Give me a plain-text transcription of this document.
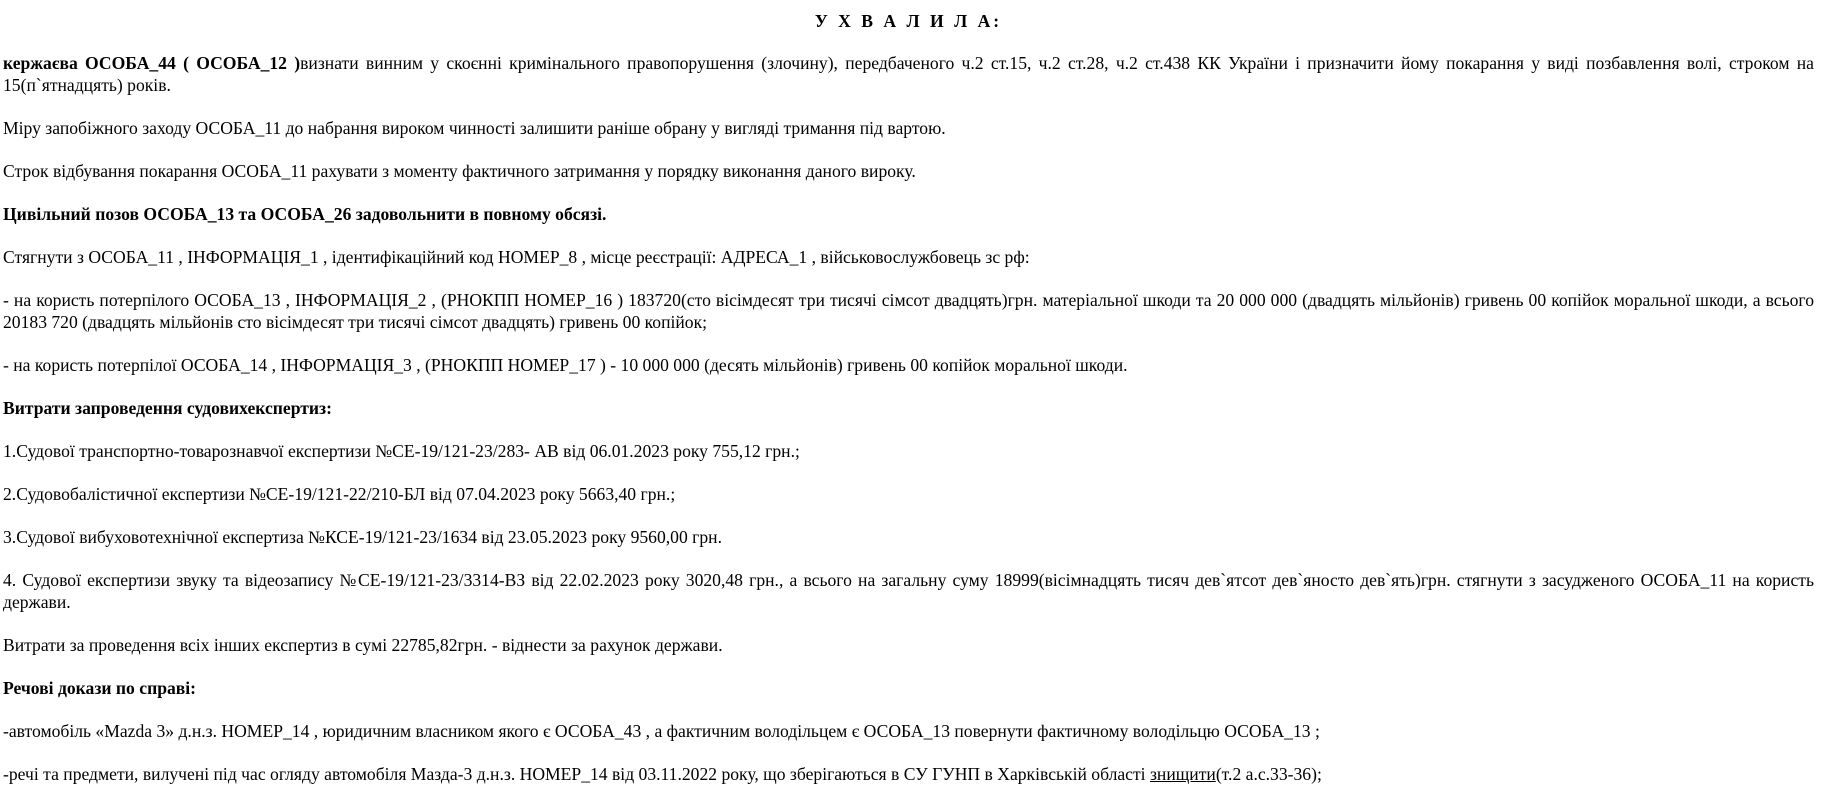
У Х В А Л И Л А:
кержаєва ОСОБА_44 ( ОСОБА_12 )визнати винним у скоєнні кримінального правопорушення (злочину), передбаченого ч.2 ст.15, ч.2 ст.28, ч.2 ст.438 КК України і призначити йому покарання у виді позбавлення волі, строком на 15(п`ятнадцять) років.
Міру запобіжного заходу ОСОБА_11 до набрання вироком чинності залишити раніше обрану у вигляді тримання під вартою.
Строк відбування покарання ОСОБА_11 рахувати з моменту фактичного затримання у порядку виконання даного вироку.
Цивільний позов ОСОБА_13 та ОСОБА_26 задовольнити в повному обсязі.
Стягнути з ОСОБА_11 , ІНФОРМАЦІЯ_1 , ідентифікаційний код НОМЕР_8 , місце реєстрації: АДРЕСА_1 , військовослужбовець зс рф:
- на користь потерпілого ОСОБА_13 , ІНФОРМАЦІЯ_2 , (РНОКПП НОМЕР_16 ) 183720(сто вісімдесят три тисячі сімсот двадцять)грн. матеріальної шкоди та 20 000 000 (двадцять мільйонів) гривень 00 копійок моральної шкоди, а всього 20183 720 (двадцять мільйонів сто вісімдесят три тисячі сімсот двадцять) гривень 00 копійок;
- на користь потерпілої ОСОБА_14 , ІНФОРМАЦІЯ_3 , (РНОКПП НОМЕР_17 ) - 10 000 000 (десять мільйонів) гривень 00 копійок моральної шкоди.
Витрати запроведення судовихекспертиз:
1.Судової транспортно-товарознавчої експертизи №СЕ-19/121-23/283- АВ від 06.01.2023 року 755,12 грн.;
2.Судовобалістичної експертизи №СЕ-19/121-22/210-БЛ від 07.04.2023 року 5663,40 грн.;
3.Судової вибуховотехнічної експертиза №КСЕ-19/121-23/1634 від 23.05.2023 року 9560,00 грн.
4. Судової експертизи звуку та відеозапису №СЕ-19/121-23/3314-ВЗ від 22.02.2023 року 3020,48 грн., а всього на загальну суму 18999(вісімнадцять тисяч дев`ятсот дев`яносто дев`ять)грн. стягнути з засудженого ОСОБА_11 на користь держави.
Витрати за проведення всіх інших експертиз в сумі 22785,82грн. - віднести за рахунок держави.
Речові докази по справі:
-автомобіль «Mazda 3» д.н.з. НОМЕР_14 , юридичним власником якого є ОСОБА_43 , а фактичним володільцем є ОСОБА_13 повернути фактичному володільцю ОСОБА_13 ;
-речі та предмети, вилучені під час огляду автомобіля Мазда-3 д.н.з. НОМЕР_14 від 03.11.2022 року, що зберігаються в СУ ГУНП в Харківській області знищити(т.2 а.с.33-36);
